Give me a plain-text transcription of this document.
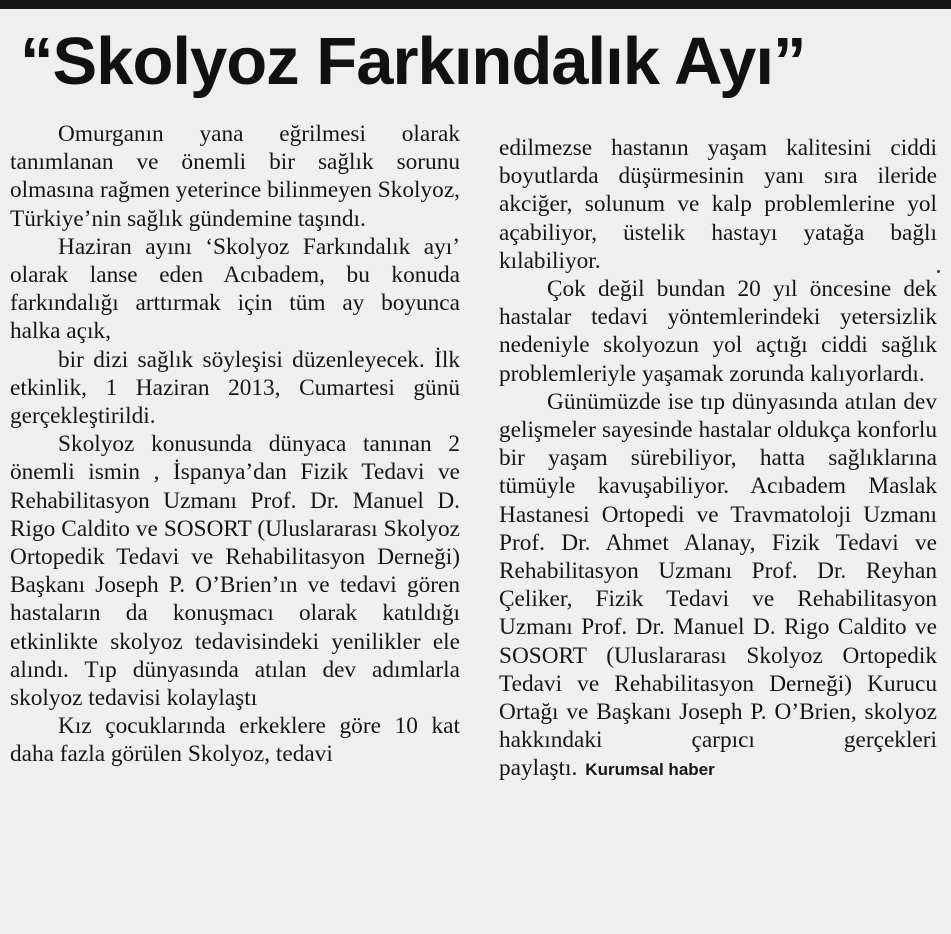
“Skolyoz Farkındalık Ayı”

Omurganın yana eğrilmesi olarak tanımlanan ve önemli bir sağlık sorunu olmasına rağmen yeterince bilinmeyen Skolyoz, Türkiye’nin sağlık gündemine taşındı.

Haziran ayını ‘Skolyoz Farkındalık ayı’ olarak lanse eden Acıbadem, bu konuda farkındalığı arttırmak için tüm ay boyunca halka açık,

bir dizi sağlık söyleşisi düzenleyecek. İlk etkinlik, 1 Haziran 2013, Cumartesi günü gerçekleştirildi.

Skolyoz konusunda dünyaca tanınan 2 önemli ismin , İspanya’dan Fizik Tedavi ve Rehabilitasyon Uzmanı Prof. Dr. Manuel D. Rigo Caldito ve SOSORT (Uluslararası Skolyoz Ortopedik Tedavi ve Rehabilitasyon Derneği) Başkanı Joseph P. O’Brien’ın ve tedavi gören hastaların da konuşmacı olarak katıldığı etkinlikte skolyoz tedavisindeki yenilikler ele alındı. Tıp dünyasında atılan dev adımlarla skolyoz tedavisi kolaylaştı

Kız çocuklarında erkeklere göre 10 kat daha fazla görülen Skolyoz, tedavi

edilmezse hastanın yaşam kalitesini ciddi boyutlarda düşürmesinin yanı sıra ileride akciğer, solunum ve kalp problemlerine yol açabiliyor, üstelik hastayı yatağa bağlı kılabiliyor.

Çok değil bundan 20 yıl öncesine dek hastalar tedavi yöntemlerindeki yetersizlik nedeniyle skolyozun yol açtığı ciddi sağlık problemleriyle yaşamak zorunda kalıyorlardı.

Günümüzde ise tıp dünyasında atılan dev gelişmeler sayesinde hastalar oldukça konforlu bir yaşam sürebiliyor, hatta sağlıklarına tümüyle kavuşabiliyor. Acıbadem Maslak Hastanesi Ortopedi ve Travmatoloji Uzmanı Prof. Dr. Ahmet Alanay, Fizik Tedavi ve Rehabilitasyon Uzmanı Prof. Dr. Reyhan Çeliker, Fizik Tedavi ve Rehabilitasyon Uzmanı Prof. Dr. Manuel D. Rigo Caldito ve SOSORT (Uluslararası Skolyoz Ortopedik Tedavi ve Rehabilitasyon Derneği) Kurucu Ortağı ve Başkanı Joseph P. O’Brien, skolyoz hakkındaki çarpıcı gerçekleri paylaştı. Kurumsal haber
